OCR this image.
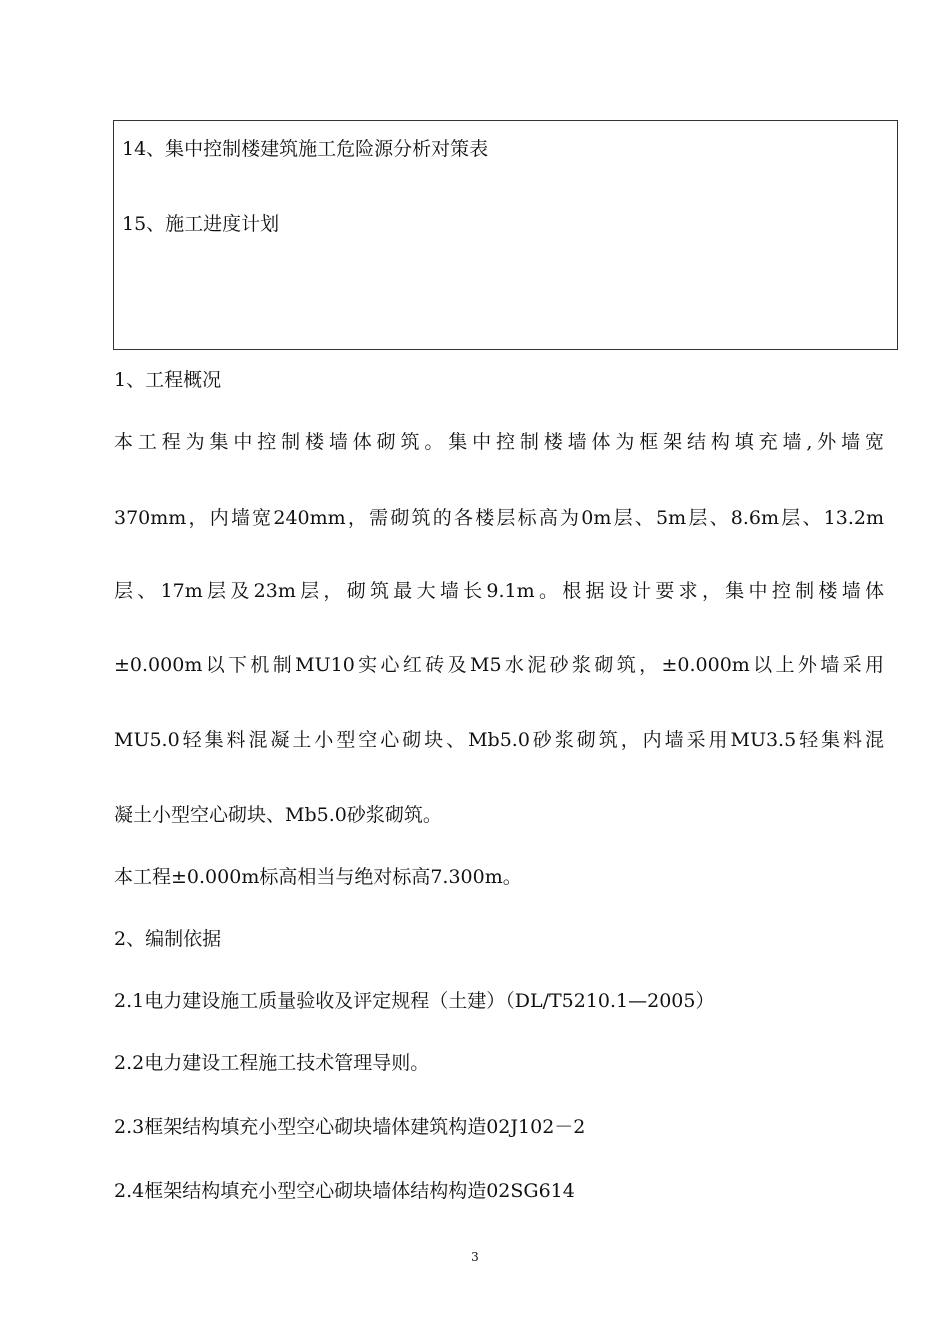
14、集中控制楼建筑施工危险源分析对策表
15、施工进度计划
1、工程概况
本工程为集中控制楼墙体砌筑。集中控制楼墙体为框架结构填充墙,外墙宽
370mm，内墙宽240mm，需砌筑的各楼层标高为0m层、5m层、8.6m层、13.2m
层、17m层及23m层，砌筑最大墙长9.1m。根据设计要求，集中控制楼墙体
±0.000m以下机制MU10实心红砖及M5水泥砂浆砌筑，±0.000m以上外墙采用
MU5.0轻集料混凝土小型空心砌块、Mb5.0砂浆砌筑，内墙采用MU3.5轻集料混
凝土小型空心砌块、Mb5.0砂浆砌筑。
本工程±0.000m标高相当与绝对标高7.300m。
2、编制依据
2.1电力建设施工质量验收及评定规程（土建）（DL/T5210.1—2005）
2.2电力建设工程施工技术管理导则。
2.3框架结构填充小型空心砌块墙体建筑构造02J102－2
2.4框架结构填充小型空心砌块墙体结构构造02SG614
3
